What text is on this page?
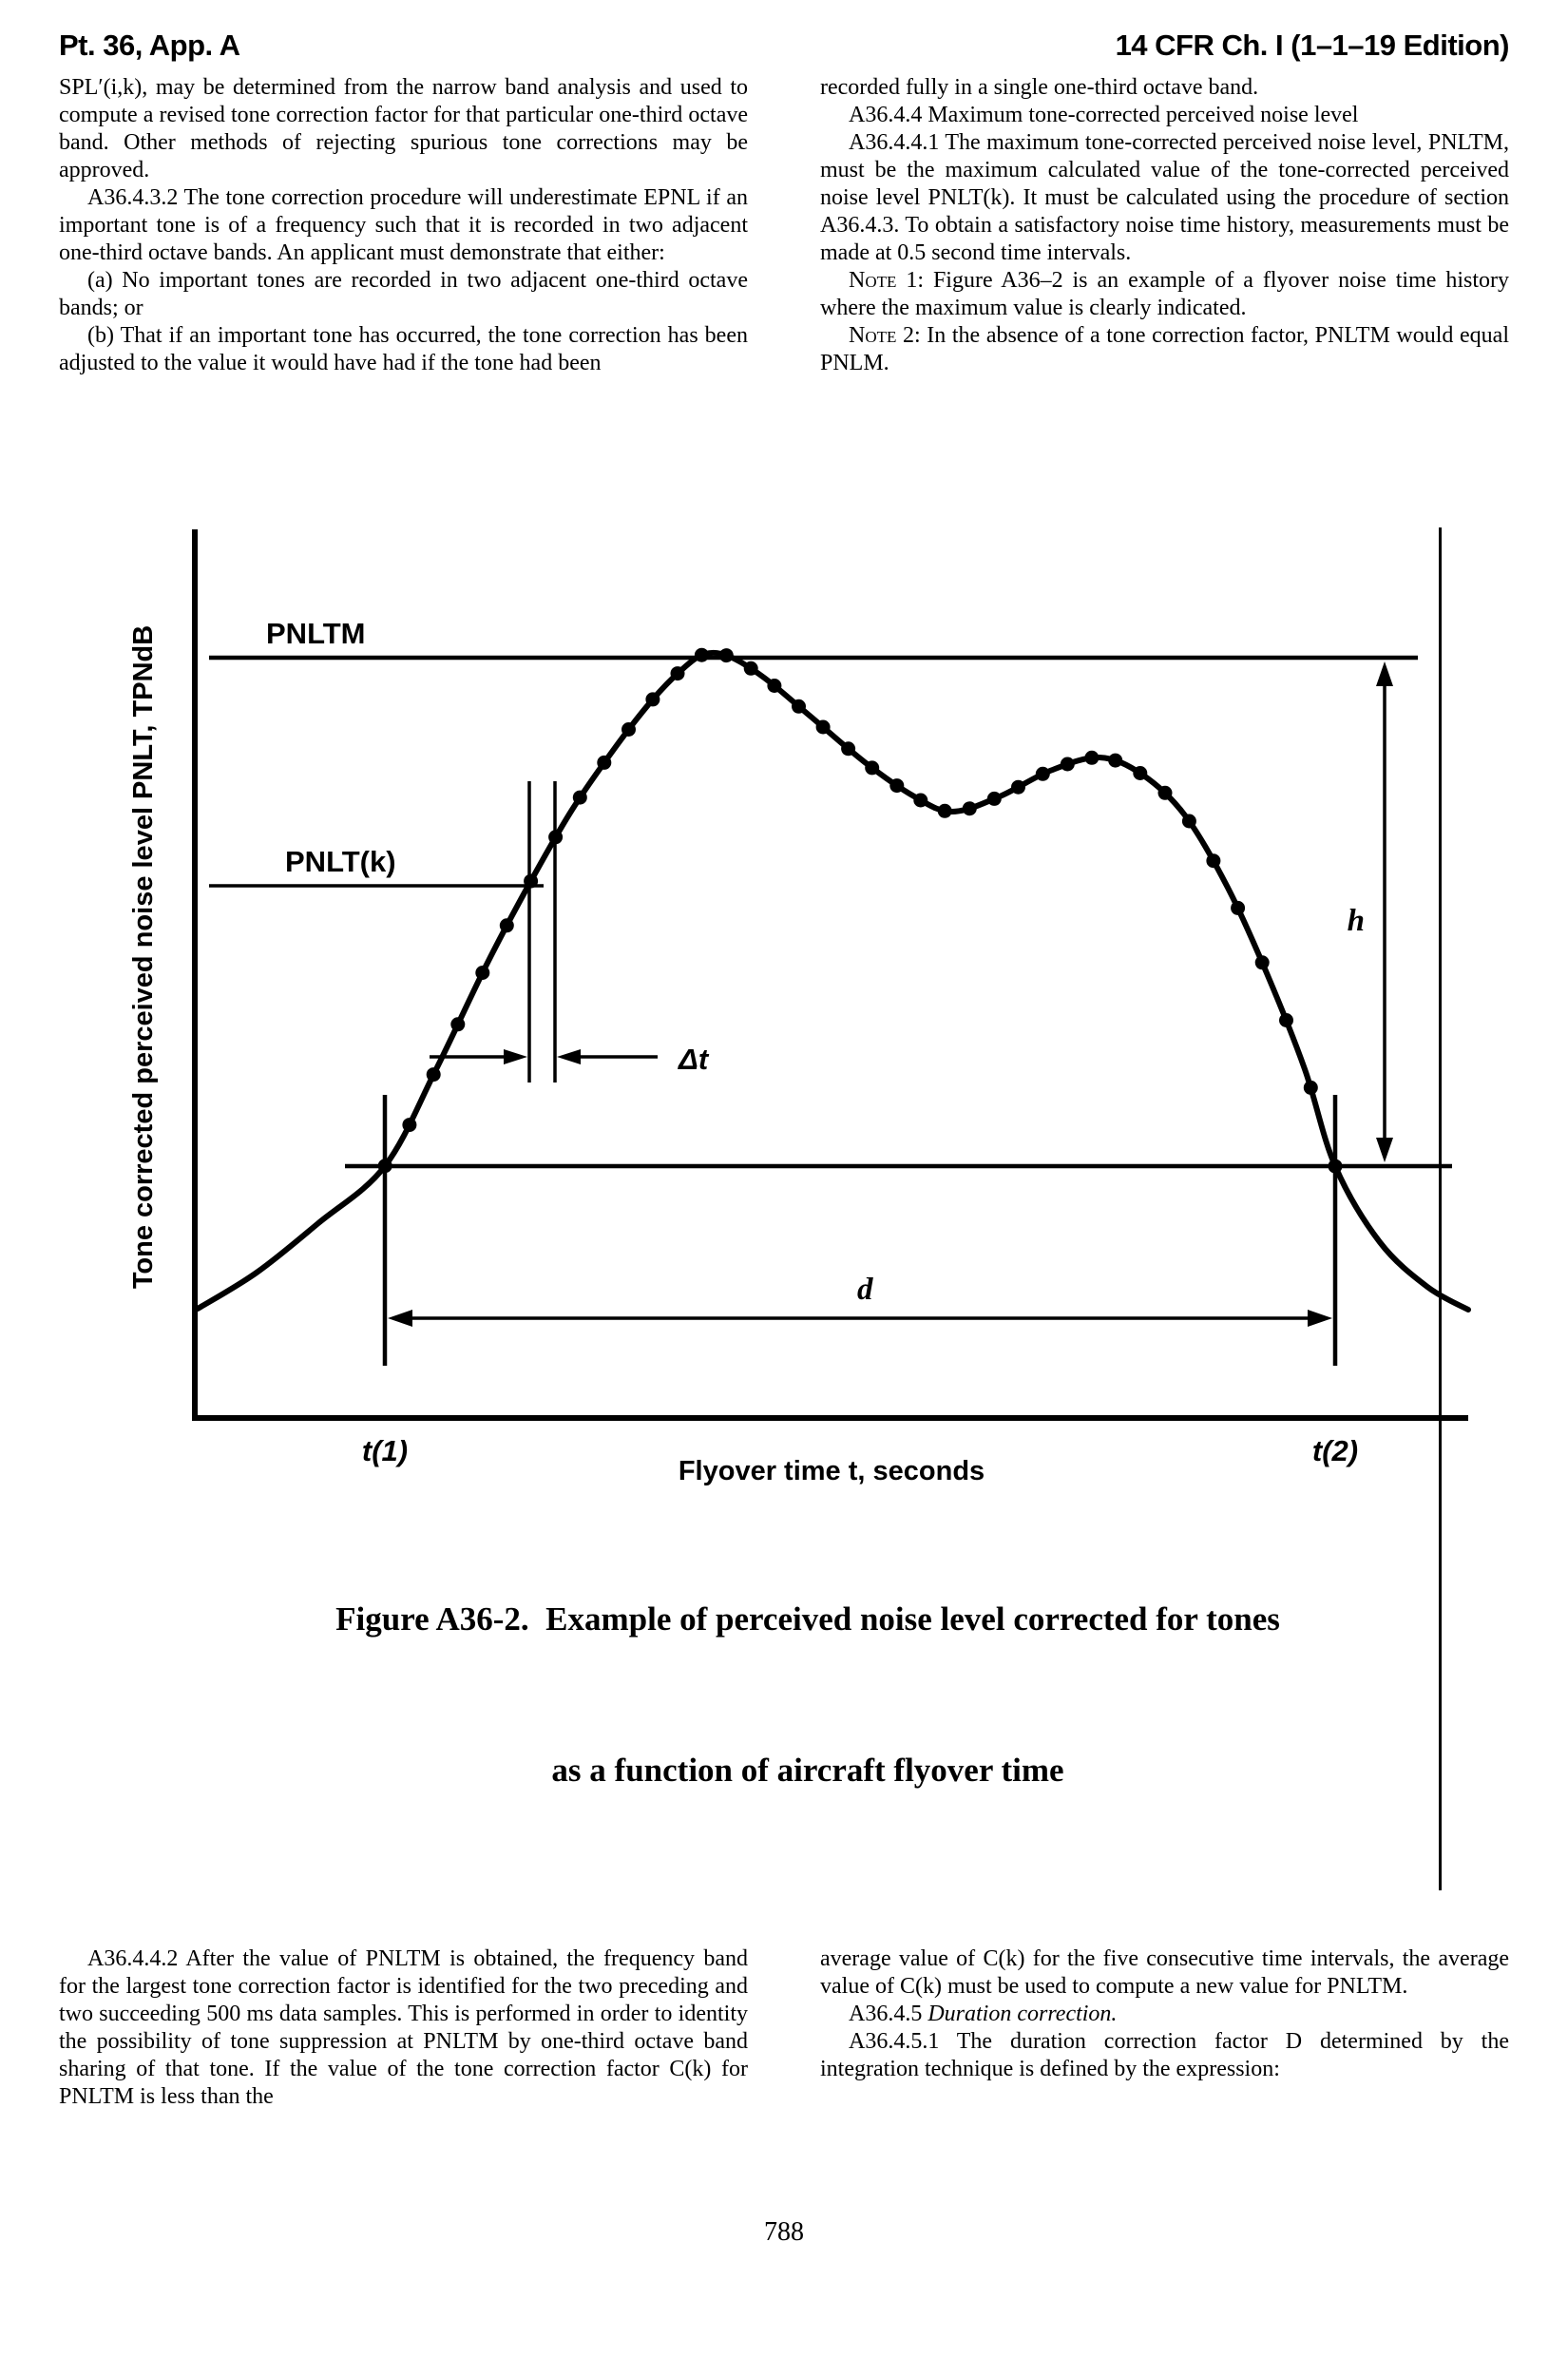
Pt. 36, App. A	14 CFR Ch. I (1–1–19 Edition)

SPL′(i,k), may be determined from the narrow band analysis and used to compute a revised tone correction factor for that particular one-third octave band. Other methods of rejecting spurious tone corrections may be approved.

A36.4.3.2 The tone correction procedure will underestimate EPNL if an important tone is of a frequency such that it is recorded in two adjacent one-third octave bands. An applicant must demonstrate that either:

(a) No important tones are recorded in two adjacent one-third octave bands; or

(b) That if an important tone has occurred, the tone correction has been adjusted to the value it would have had if the tone had been

recorded fully in a single one-third octave band.

A36.4.4 Maximum tone-corrected perceived noise level

A36.4.4.1 The maximum tone-corrected perceived noise level, PNLTM, must be the maximum calculated value of the tone-corrected perceived noise level PNLT(k). It must be calculated using the procedure of section A36.4.3. To obtain a satisfactory noise time history, measurements must be made at 0.5 second time intervals.

Note 1: Figure A36–2 is an example of a flyover noise time history where the maximum value is clearly indicated.

Note 2: In the absence of a tone correction factor, PNLTM would equal PNLM.

PNLTM
PNLT(k)
Δt
d
h
t(1)	t(2)
Flyover time t, seconds
Tone corrected perceived noise level PNLT, TPNdB

Figure A36-2.  Example of perceived noise level corrected for tones

as a function of aircraft flyover time

A36.4.4.2 After the value of PNLTM is obtained, the frequency band for the largest tone correction factor is identified for the two preceding and two succeeding 500 ms data samples. This is performed in order to identity the possibility of tone suppression at PNLTM by one-third octave band sharing of that tone. If the value of the tone correction factor C(k) for PNLTM is less than the

average value of C(k) for the five consecutive time intervals, the average value of C(k) must be used to compute a new value for PNLTM.

A36.4.5 Duration correction.

A36.4.5.1 The duration correction factor D determined by the integration technique is defined by the expression:

788
